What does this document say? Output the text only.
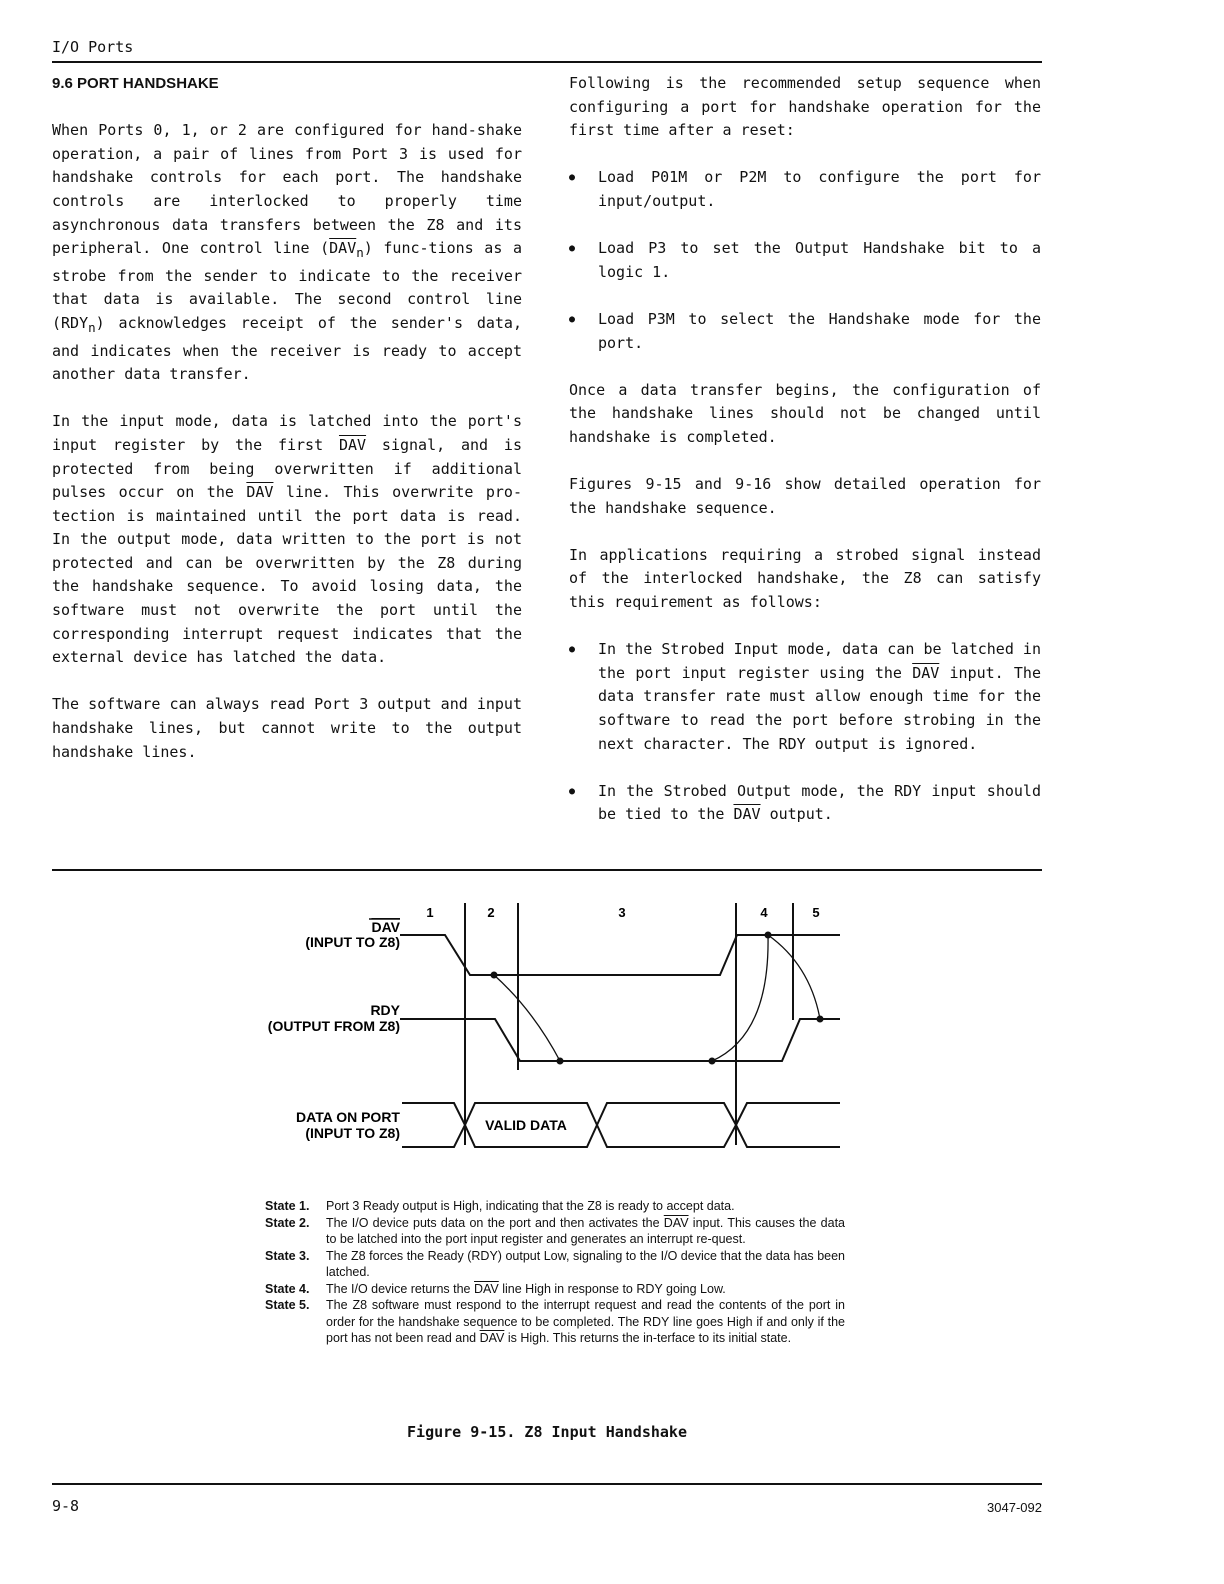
I/O Ports
9.6 PORT HANDSHAKE

When Ports 0, 1, or 2 are configured for hand-shake operation, a pair of lines from Port 3 is used for handshake controls for each port. The handshake controls are interlocked to properly time asynchronous data transfers between the Z8 and its peripheral. One control line $(\overline{DAV}_n)$ func-tions as a strobe from the sender to indicate to the receiver that data is available. The second control line $(RDY_n)$ acknowledges receipt of the sender's data, and indicates when the receiver is ready to accept another data transfer.

In the input mode, data is latched into the port's input register by the first $\overline{DAV}$ signal, and is protected from being overwritten if additional pulses occur on the $\overline{DAV}$ line. This overwrite pro-tection is maintained until the port data is read. In the output mode, data written to the port is not protected and can be overwritten by the Z8 during the handshake sequence. To avoid losing data, the software must not overwrite the port until the corresponding interrupt request indicates that the external device has latched the data.

The software can always read Port 3 output and input handshake lines, but cannot write to the output handshake lines.

Following is the recommended setup sequence when configuring a port for handshake operation for the first time after a reset:

● Load P01M or P2M to configure the port for input/output.
● Load P3 to set the Output Handshake bit to a logic 1.
● Load P3M to select the Handshake mode for the port.

Once a data transfer begins, the configuration of the handshake lines should not be changed until handshake is completed.

Figures 9-15 and 9-16 show detailed operation for the handshake sequence.

In applications requiring a strobed signal instead of the interlocked handshake, the Z8 can satisfy this requirement as follows:

● In the Strobed Input mode, data can be latched in the port input register using the $\overline{DAV}$ input. The data transfer rate must allow enough time for the software to read the port before strobing in the next character. The RDY output is ignored.
● In the Strobed Output mode, the RDY input should be tied to the $\overline{DAV}$ output.
1	2	3	4	5
DAV
(INPUT TO Z8)
RDY
(OUTPUT FROM Z8)
DATA ON PORT
(INPUT TO Z8)	VALID DATA
State 1.	Port 3 Ready output is High, indicating that the Z8 is ready to accept data.
State 2.	The I/O device puts data on the port and then activates the $\overline{DAV}$ input. This causes the data to be latched into the port input register and generates an interrupt re-quest.
State 3.	The Z8 forces the Ready (RDY) output Low, signaling to the I/O device that the data has been latched.
State 4.	The I/O device returns the $\overline{DAV}$ line High in response to RDY going Low.
State 5.	The Z8 software must respond to the interrupt request and read the contents of the port in order for the handshake sequence to be completed. The RDY line goes High if and only if the port has not been read and $\overline{DAV}$ is High. This returns the in-terface to its initial state.
Figure 9-15. Z8 Input Handshake
9-8	3047-092
